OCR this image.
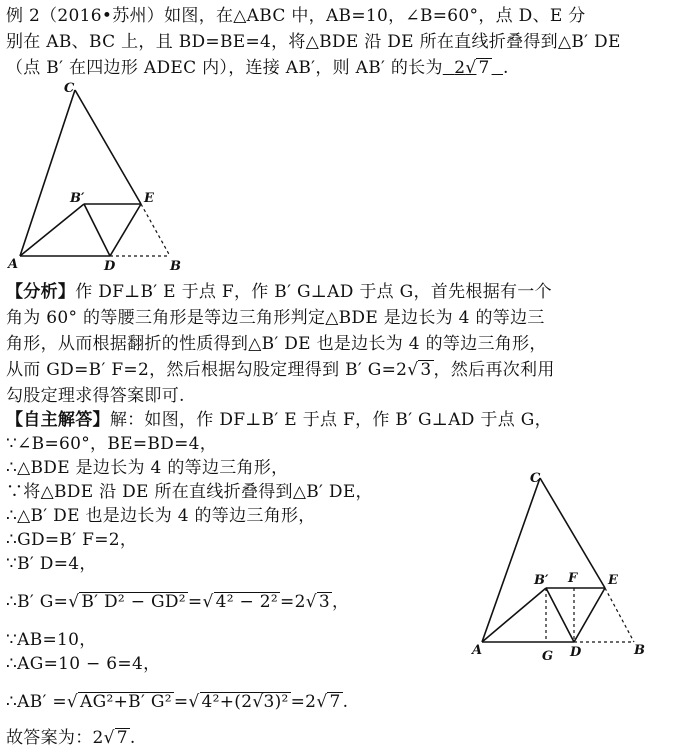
例 2（2016•苏州）如图，在△ABC 中，AB=10，∠B=60°，点 D、E 分
别在 AB、BC 上，且 BD=BE=4，将△BDE 沿 DE 所在直线折叠得到△B′ DE
（点 B′ 在四边形 ADEC 内），连接 AB′，则 AB′ 的长为 2√ 7 .
C
B′	E
A	D	B
【分析】作 DF⊥B′ E 于点 F，作 B′ G⊥AD 于点 G，首先根据有一个
角为 60° 的等腰三角形是等边三角形判定△BDE 是边长为 4 的等边三
角形，从而根据翻折的性质得到△B′ DE 也是边长为 4 的等边三角形，
从而 GD=B′ F=2，然后根据勾股定理得到 B′ G=2√ 3 ，然后再次利用
勾股定理求得答案即可.
【自主解答】解：如图，作 DF⊥B′ E 于点 F，作 B′ G⊥AD 于点 G，
∵∠B=60°，BE=BD=4，
∴△BDE 是边长为 4 的等边三角形，
∵将△BDE 沿 DE 所在直线折叠得到△B′ DE，
∴△B′ DE 也是边长为 4 的等边三角形，
∴GD=B′ F=2，
∵B′ D=4，
∴B′ G=√ B′ D² − GD² =√ 4² − 2² =2√ 3 ，
∵AB=10，
∴AG=10 − 6=4，
∴AB′ =√ AG²+B′ G² =√ 4²+(2√3)² =2√ 7 .
故答案为：2√ 7 .
C
B′ F E
A	G D	B
